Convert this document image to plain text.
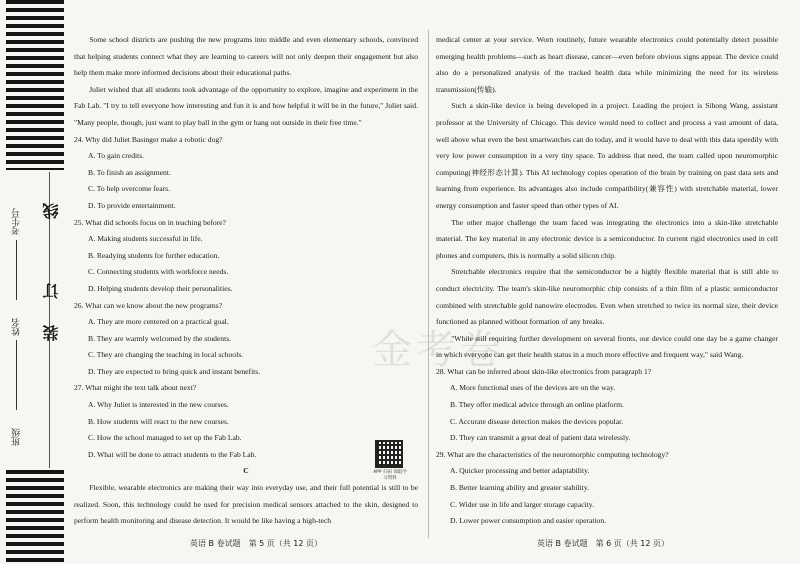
考生号
姓名
班级
线
订
装	金考卷

Some school districts are pushing the new programs into middle and even elementary schools, convinced that helping students connect what they are learning to careers will not only deepen their engagement but also help them make more informed decisions about their educational paths.

Juliet wished that all students took advantage of the opportunity to explore, imagine and experiment in the Fab Lab. "I try to tell everyone how interesting and fun it is and how helpful it will be in the future," Juliet said. "Many people, though, just want to play ball in the gym or hang out outside in their free time."

24. Why did Juliet Basinger make a robotic dog?

A. To gain credits.

B. To finish an assignment.

C. To help overcome fears.

D. To provide entertainment.

25. What did schools focus on in teaching before?

A. Making students successful in life.

B. Readying students for further education.

C. Connecting students with workforce needs.

D. Helping students develop their personalities.

26. What can we know about the new programs?

A. They are more centered on a practical goal.

B. They are warmly welcomed by the students.

C. They are changing the teaching in local schools.

D. They are expected to bring quick and instant benefits.

27. What might the text talk about next?

A. Why Juliet is interested in the new courses.

B. How students will react to the new courses.

C. How the school managed to set up the Fab Lab.

D. What will be done to attract students to the Fab Lab.

C

Flexible, wearable electronics are making their way into everyday use, and their full potential is still to be realized. Soon, this technology could be used for precision medical sensors attached to the skin, designed to perform health monitoring and disease detection. It would be like having a high-tech

APP 扫码 领取学习资料
英语 B 卷试题　第 5 页（共 12 页）

medical center at your service. Worn routinely, future wearable electronics could potentially detect possible emerging health problems—such as heart disease, cancer—even before obvious signs appear. The device could also do a personalized analysis of the tracked health data while minimizing the need for its wireless transmission(传输).

Such a skin-like device is being developed in a project. Leading the project is Sihong Wang, assistant professor at the University of Chicago. This device would need to collect and process a vast amount of data, well above what even the best smartwatches can do today, and it would have to deal with this data speedily with very low power consumption in a very tiny space. To address that need, the team called upon neuromorphic computing(神经形态计算). This AI technology copies operation of the brain by training on past data sets and learning from experience. Its advantages also include compatibility(兼容性) with stretchable material, lower energy consumption and faster speed than other types of AI.

The other major challenge the team faced was integrating the electronics into a skin-like stretchable material. The key material in any electronic device is a semiconductor. In current rigid electronics used in cell phones and computers, this is normally a solid silicon chip.

Stretchable electronics require that the semiconductor be a highly flexible material that is still able to conduct electricity. The team's skin-like neuromorphic chip consists of a thin film of a plastic semiconductor combined with stretchable gold nanowire electrodes. Even when stretched to twice its normal size, their device functioned as planned without formation of any breaks.

"While still requiring further development on several fronts, our device could one day be a game changer in which everyone can get their health status in a much more effective and frequent way," said Wang.

28. What can be inferred about skin-like electronics from paragraph 1?

A. More functional uses of the devices are on the way.

B. They offer medical advice through an online platform.

C. Accurate disease detection makes the devices popular.

D. They can transmit a great deal of patient data wirelessly.

29. What are the characteristics of the neuromorphic computing technology?

A. Quicker processing and better adaptability.

B. Better learning ability and greater stability.

C. Wider use in life and larger storage capacity.

D. Lower power consumption and easier operation.

英语 B 卷试题　第 6 页（共 12 页）
